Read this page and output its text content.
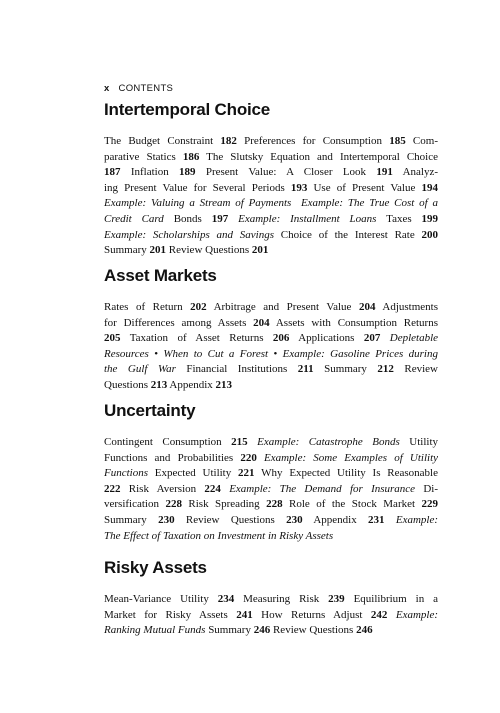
x CONTENTS
Intertemporal Choice
The Budget Constraint 182 Preferences for Consumption 185 Com-
parative Statics 186 The Slutsky Equation and Intertemporal Choice
187 Inflation 189 Present Value: A Closer Look 191 Analyz-
ing Present Value for Several Periods 193 Use of Present Value 194
Example: Valuing a Stream of Payments  Example: The True Cost of a
Credit Card Bonds 197 Example: Installment Loans Taxes 199
Example: Scholarships and Savings Choice of the Interest Rate 200
Summary 201 Review Questions 201
Asset Markets
Rates of Return 202 Arbitrage and Present Value 204 Adjustments
for Differences among Assets 204 Assets with Consumption Returns
205 Taxation of Asset Returns 206 Applications 207 Depletable
Resources • When to Cut a Forest • Example: Gasoline Prices during
the Gulf War Financial Institutions 211 Summary 212 Review
Questions 213 Appendix 213
Uncertainty
Contingent Consumption 215 Example: Catastrophe Bonds Utility
Functions and Probabilities 220 Example: Some Examples of Utility
Functions Expected Utility 221 Why Expected Utility Is Reasonable
222 Risk Aversion 224 Example: The Demand for Insurance Di-
versification 228 Risk Spreading 228 Role of the Stock Market 229
Summary 230 Review Questions 230 Appendix 231 Example:
The Effect of Taxation on Investment in Risky Assets
Risky Assets
Mean-Variance Utility 234 Measuring Risk 239 Equilibrium in a
Market for Risky Assets 241 How Returns Adjust 242 Example:
Ranking Mutual Funds Summary 246 Review Questions 246
